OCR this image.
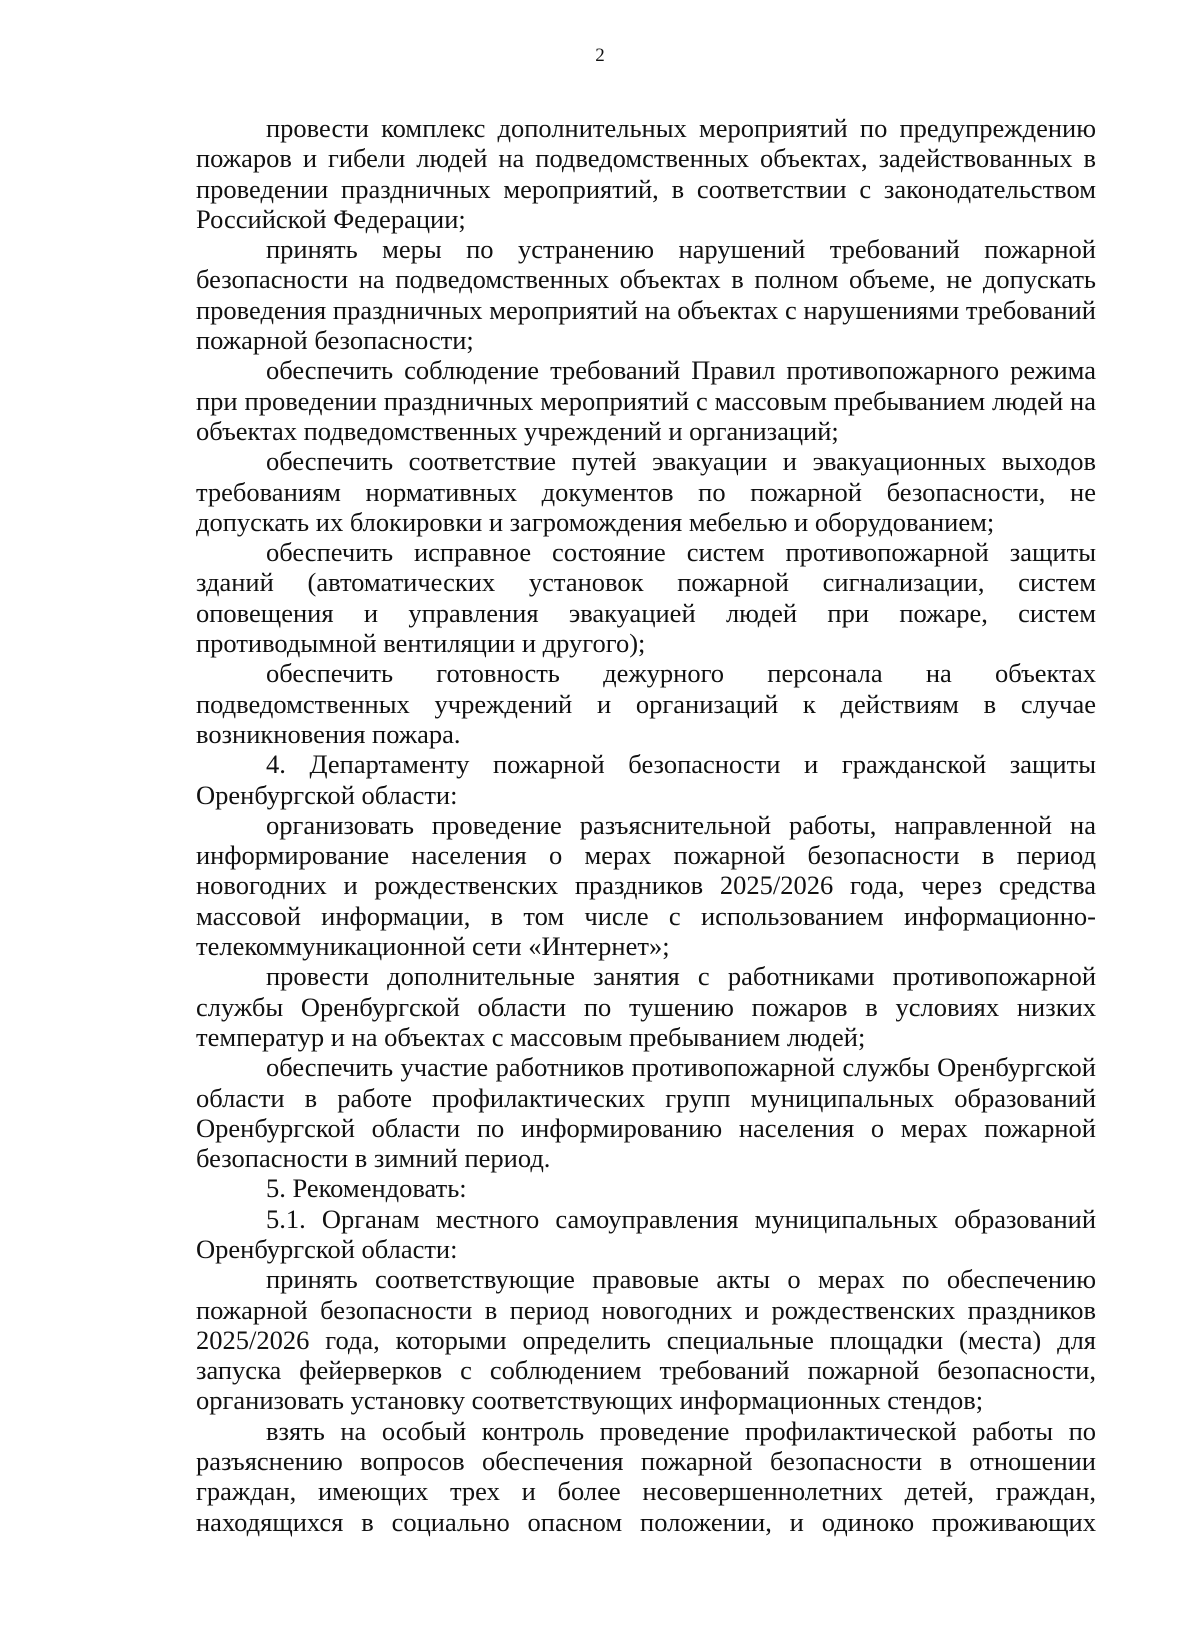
2

провести комплекс дополнительных мероприятий по предупреждению пожаров и гибели людей на подведомственных объектах, задействованных в проведении праздничных мероприятий, в соответствии с законодательством Российской Федерации;

принять меры по устранению нарушений требований пожарной безопасности на подведомственных объектах в полном объеме, не допускать проведения праздничных мероприятий на объектах с нарушениями требований пожарной безопасности;

обеспечить соблюдение требований Правил противопожарного режима при проведении праздничных мероприятий с массовым пребыванием людей на объектах подведомственных учреждений и организаций;

обеспечить соответствие путей эвакуации и эвакуационных выходов требованиям нормативных документов по пожарной безопасности, не допускать их блокировки и загромождения мебелью и оборудованием;

обеспечить исправное состояние систем противопожарной защиты зданий (автоматических установок пожарной сигнализации, систем оповещения и управления эвакуацией людей при пожаре, систем противодымной вентиляции и другого);

обеспечить готовность дежурного персонала на объектах подведомственных учреждений и организаций к действиям в случае возникновения пожара.

4. Департаменту пожарной безопасности и гражданской защиты Оренбургской области:

организовать проведение разъяснительной работы, направленной на информирование населения о мерах пожарной безопасности в период новогодних и рождественских праздников 2025/2026 года, через средства массовой информации, в том числе с использованием информационно-телекоммуникационной сети «Интернет»;

провести дополнительные занятия с работниками противопожарной службы Оренбургской области по тушению пожаров в условиях низких температур и на объектах с массовым пребыванием людей;

обеспечить участие работников противопожарной службы Оренбургской области в работе профилактических групп муниципальных образований Оренбургской области по информированию населения о мерах пожарной безопасности в зимний период.

5. Рекомендовать:

5.1. Органам местного самоуправления муниципальных образований Оренбургской области:

принять соответствующие правовые акты о мерах по обеспечению пожарной безопасности в период новогодних и рождественских праздников 2025/2026 года, которыми определить специальные площадки (места) для запуска фейерверков с соблюдением требований пожарной безопасности, организовать установку соответствующих информационных стендов;

взять на особый контроль проведение профилактической работы по разъяснению вопросов обеспечения пожарной безопасности в отношении граждан, имеющих трех и более несовершеннолетних детей, граждан, находящихся в социально опасном положении, и одиноко проживающих
